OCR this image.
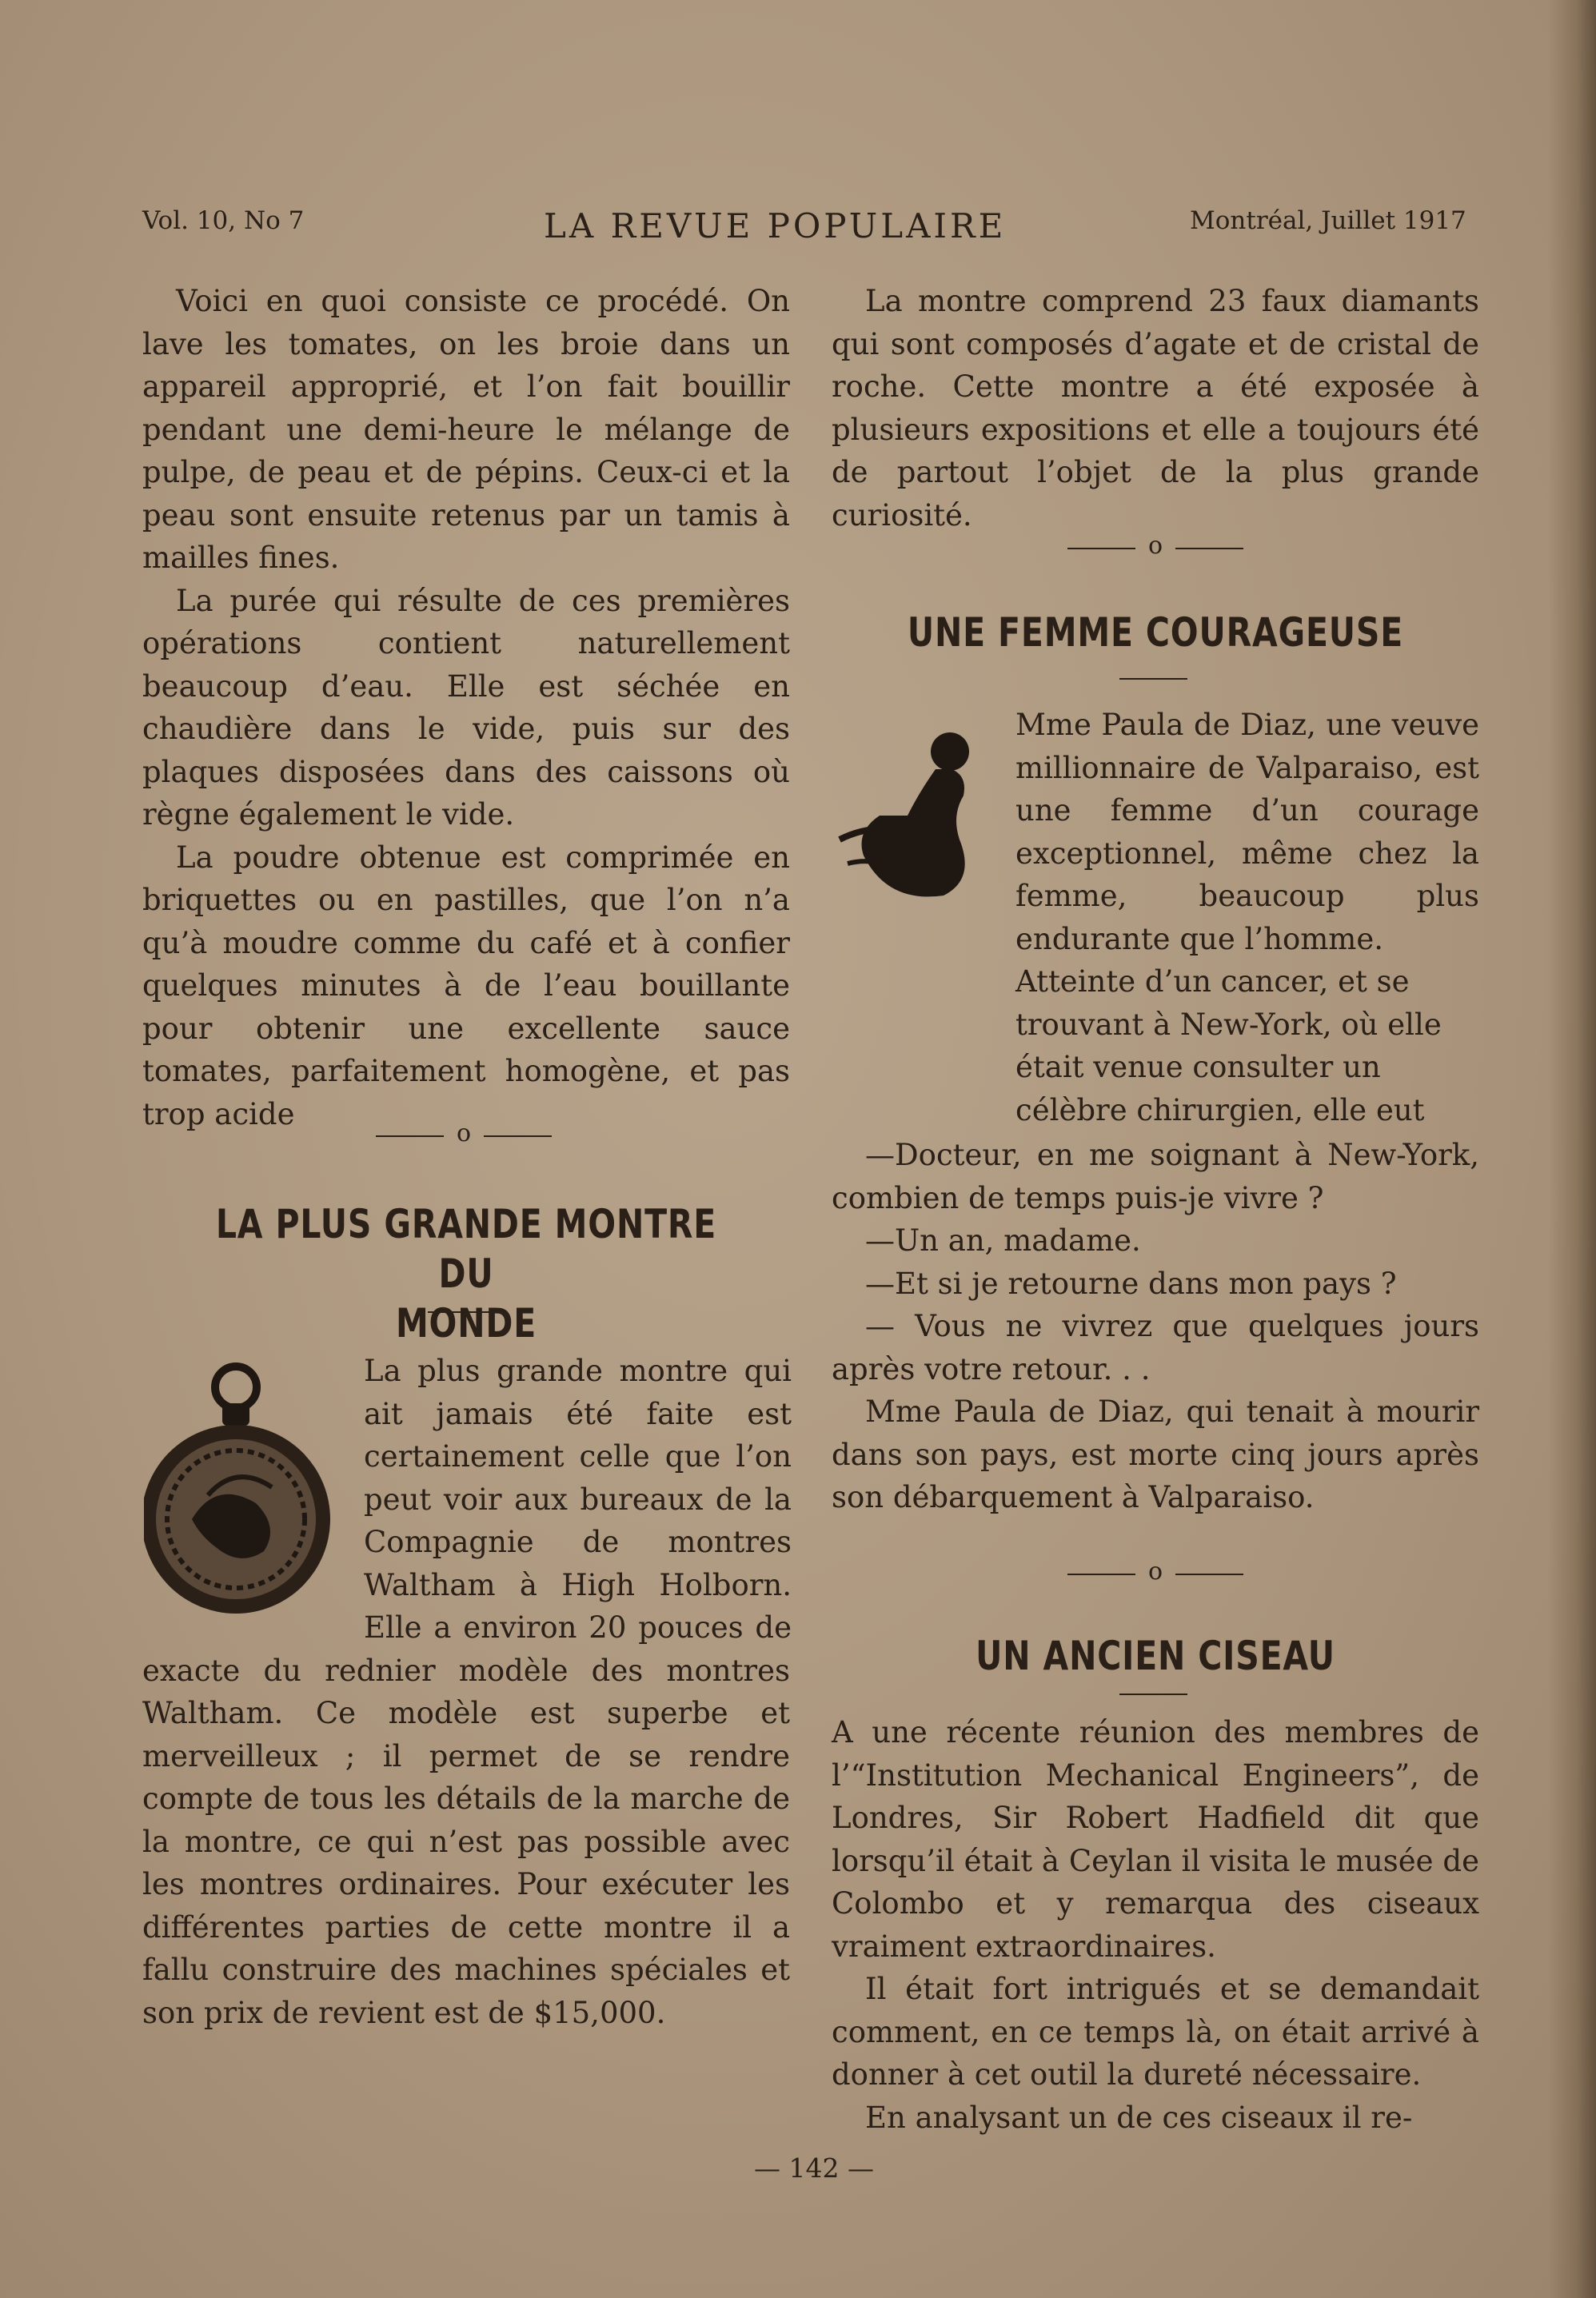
Vol. 10, No 7	LA REVUE POPULAIRE	Montréal, Juillet 1917

Voici en quoi consiste ce procédé. On lave les tomates, on les broie dans un appareil approprié, et l’on fait bouillir pendant une demi-heure le mélange de pulpe, de peau et de pépins. Ceux-ci et la peau sont ensuite retenus par un tamis à mailles fines.

La purée qui résulte de ces premières opérations contient naturellement beaucoup d’eau. Elle est séchée en chaudière dans le vide, puis sur des plaques disposées dans des caissons où règne également le vide.

La poudre obtenue est comprimée en briquettes ou en pastilles, que l’on n’a qu’à moudre comme du café et à confier quelques minutes à de l’eau bouillante pour obtenir une excellente sauce tomates, parfaitement homogène, et pas trop acide

o
LA PLUS GRANDE MONTRE DU
MONDE

La plus grande montre qui ait jamais été faite est certainement celle que l’on peut voir aux bureaux de la Compagnie de montres Waltham à High Holborn. Elle a environ 20 pouces de

exacte du rednier modèle des montres Waltham. Ce modèle est superbe et merveilleux ; il permet de se rendre compte de tous les détails de la marche de la montre, ce qui n’est pas possible avec les montres ordinaires. Pour exécuter les différentes parties de cette montre il a fallu construire des machines spéciales et son prix de revient est de $15,000.

La montre comprend 23 faux diamants qui sont composés d’agate et de cristal de roche. Cette montre a été exposée à plusieurs expositions et elle a toujours été de partout l’objet de la plus grande curiosité.

o
UNE FEMME COURAGEUSE
Mme Paula de Diaz, une veuve millionnaire de Valparaiso, est une femme d’un courage exceptionnel, même chez la femme, beaucoup plus
endurante que l’homme. Atteinte d’un cancer, et se trouvant à New-York, où elle était venue consulter un célèbre chirurgien, elle eut

—Docteur, en me soignant à New-York, combien de temps puis-je vivre ?

—Un an, madame.

—Et si je retourne dans mon pays ?

— Vous ne vivrez que quelques jours après votre retour. . .

Mme Paula de Diaz, qui tenait à mourir dans son pays, est morte cinq jours après son débarquement à Valparaiso.

o
UN ANCIEN CISEAU

A une récente réunion des membres de l’“Institution Mechanical Engineers”, de Londres, Sir Robert Hadfield dit que lorsqu’il était à Ceylan il visita le musée de Colombo et y remarqua des ciseaux vraiment extraordinaires.

Il était fort intrigués et se demandait comment, en ce temps là, on était arrivé à donner à cet outil la dureté nécessaire.

En analysant un de ces ciseaux il re-

— 142 —
